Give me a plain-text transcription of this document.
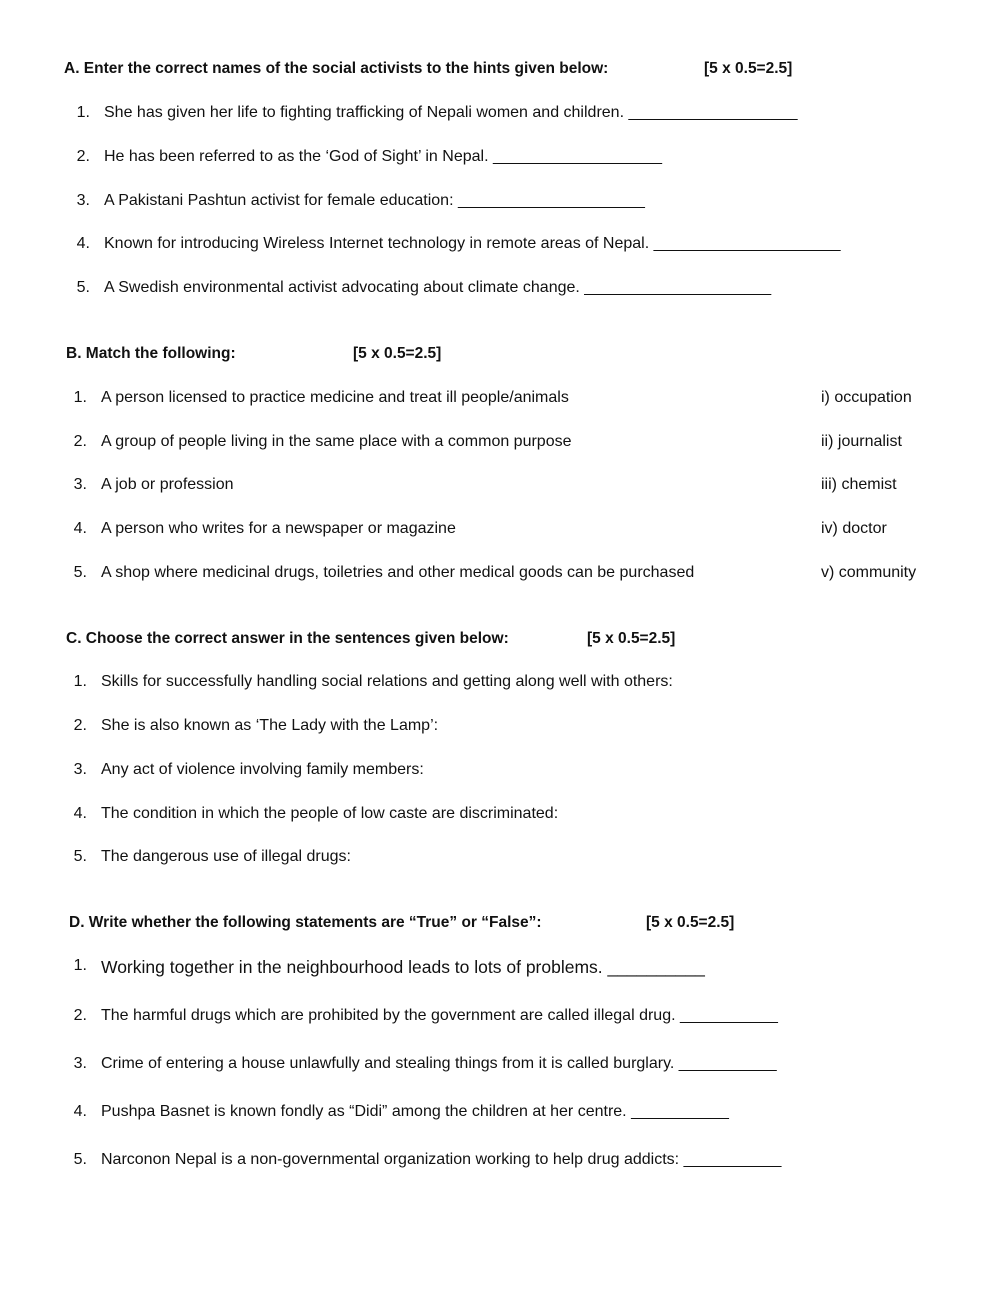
A. Enter the correct names of the social activists to the hints given below:	[5 x 0.5=2.5]
1. She has given her life to fighting trafficking of Nepali women and children. ___________________
2. He has been referred to as the ‘God of Sight’ in Nepal. ___________________
3. A Pakistani Pashtun activist for female education: _____________________
4. Known for introducing Wireless Internet technology in remote areas of Nepal. _____________________
5. A Swedish environmental activist advocating about climate change. _____________________
B. Match the following:	[5 x 0.5=2.5]
1. A person licensed to practice medicine and treat ill people/animals	i) occupation
2. A group of people living in the same place with a common purpose	ii) journalist
3. A job or profession	iii) chemist
4. A person who writes for a newspaper or magazine	iv) doctor
5. A shop where medicinal drugs, toiletries and other medical goods can be purchased	v) community
C. Choose the correct answer in the sentences given below:	[5 x 0.5=2.5]
1. Skills for successfully handling social relations and getting along well with others:
2. She is also known as ‘The Lady with the Lamp’:
3. Any act of violence involving family members:
4. The condition in which the people of low caste are discriminated:
5. The dangerous use of illegal drugs:
D. Write whether the following statements are “True” or “False”:	[5 x 0.5=2.5]
1. Working together in the neighbourhood leads to lots of problems. __________
2. The harmful drugs which are prohibited by the government are called illegal drug. ___________
3. Crime of entering a house unlawfully and stealing things from it is called burglary. ___________
4. Pushpa Basnet is known fondly as “Didi” among the children at her centre. ___________
5. Narconon Nepal is a non-governmental organization working to help drug addicts: ___________
